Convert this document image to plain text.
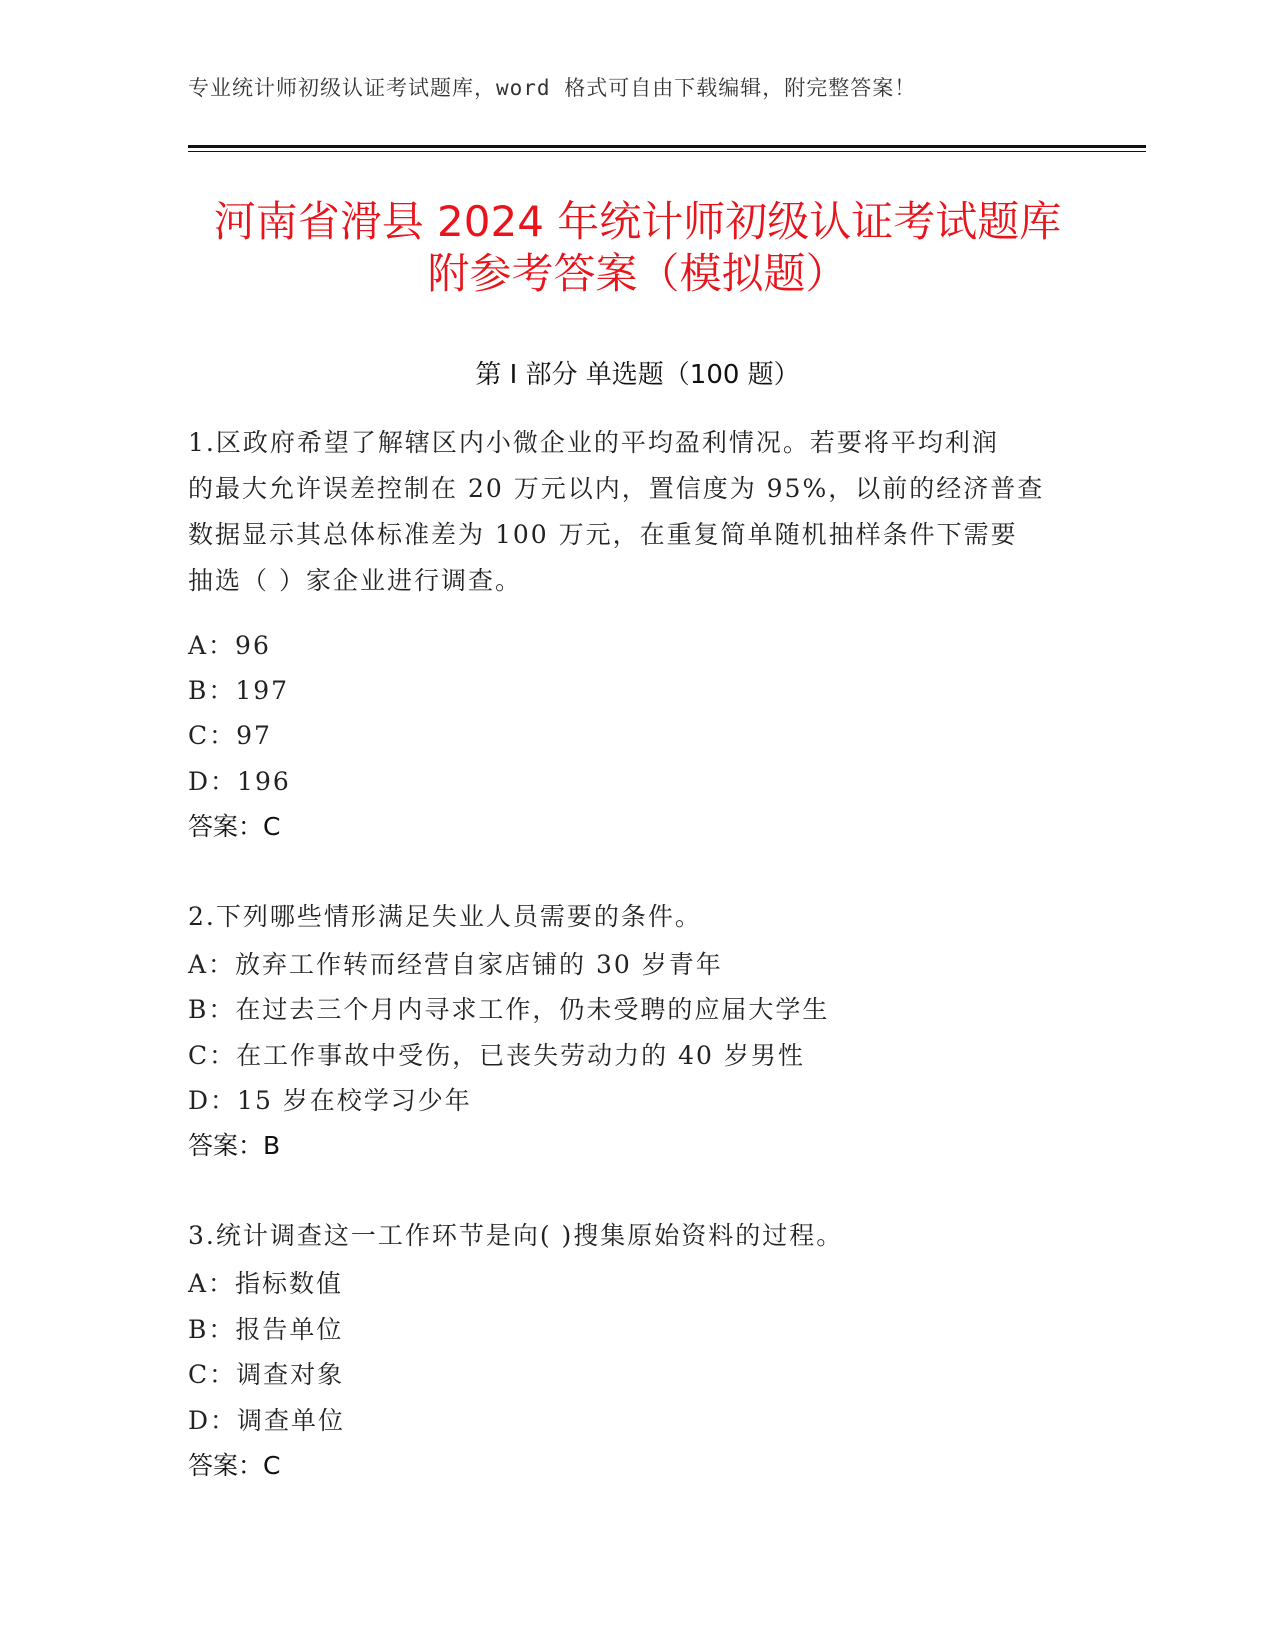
专业统计师初级认证考试题库，word 格式可自由下载编辑，附完整答案！
河南省滑县 2024 年统计师初级认证考试题库
附参考答案（模拟题）
第 I 部分 单选题（100 题）
1.区政府希望了解辖区内小微企业的平均盈利情况。若要将平均利润
的最大允许误差控制在 20 万元以内，置信度为 95%，以前的经济普查
数据显示其总体标准差为 100 万元，在重复简单随机抽样条件下需要
抽选（ ）家企业进行调查。
A：96
B：197
C：97
D：196
答案：C
2.下列哪些情形满足失业人员需要的条件。
A：放弃工作转而经营自家店铺的 30 岁青年
B：在过去三个月内寻求工作，仍未受聘的应届大学生
C：在工作事故中受伤，已丧失劳动力的 40 岁男性
D：15 岁在校学习少年
答案：B
3.统计调查这一工作环节是向( )搜集原始资料的过程。
A：指标数值
B：报告单位
C：调查对象
D：调查单位
答案：C
